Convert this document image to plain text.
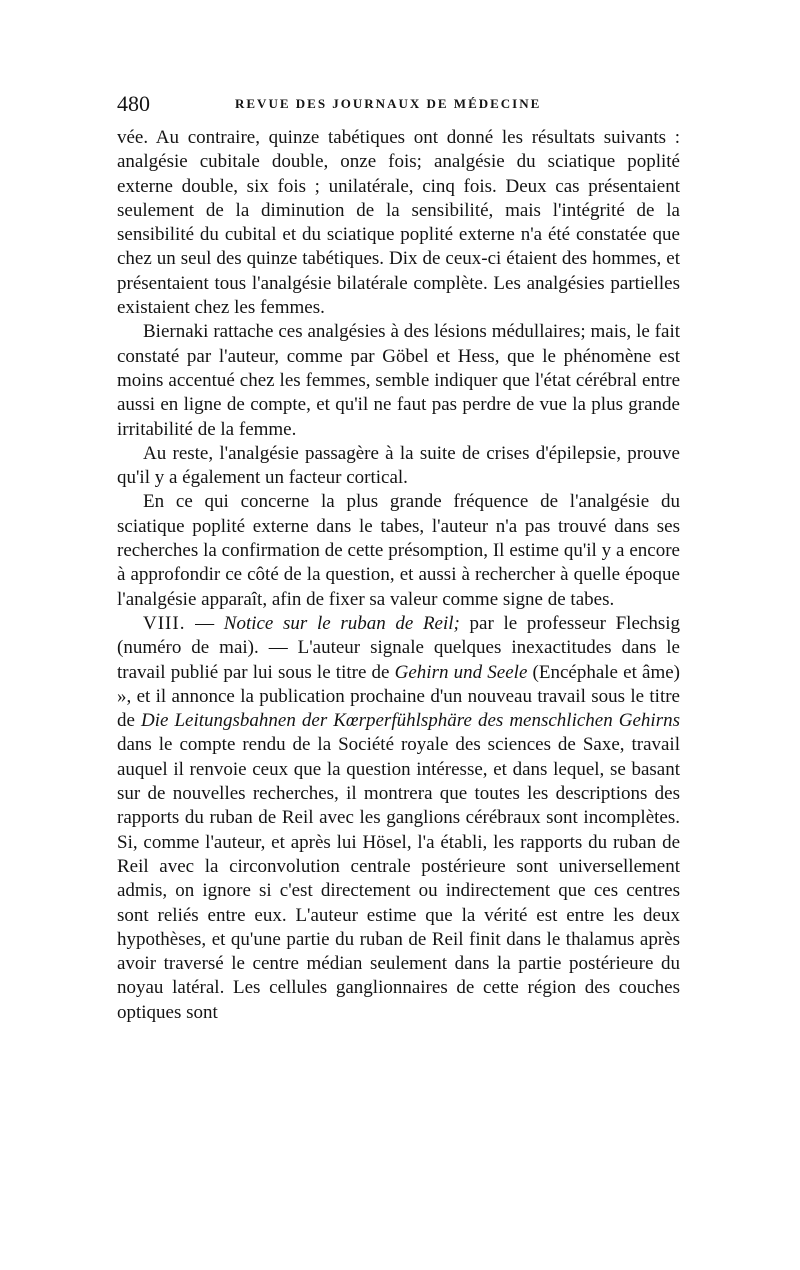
480	REVUE DES JOURNAUX DE MÉDECINE

vée. Au contraire, quinze tabétiques ont donné les résultats suivants : analgésie cubitale double, onze fois; analgésie du sciatique poplité externe double, six fois ; unilatérale, cinq fois. Deux cas présentaient seulement de la diminution de la sensibilité, mais l'intégrité de la sensibilité du cubital et du sciatique poplité externe n'a été constatée que chez un seul des quinze tabétiques. Dix de ceux-ci étaient des hommes, et présentaient tous l'analgésie bilatérale complète. Les analgésies partielles existaient chez les femmes.

Biernaki rattache ces analgésies à des lésions médullaires; mais, le fait constaté par l'auteur, comme par Göbel et Hess, que le phénomène est moins accentué chez les femmes, semble indiquer que l'état cérébral entre aussi en ligne de compte, et qu'il ne faut pas perdre de vue la plus grande irritabilité de la femme.

Au reste, l'analgésie passagère à la suite de crises d'épilepsie, prouve qu'il y a également un facteur cortical.

En ce qui concerne la plus grande fréquence de l'analgésie du sciatique poplité externe dans le tabes, l'auteur n'a pas trouvé dans ses recherches la confirmation de cette présomption, Il estime qu'il y a encore à approfondir ce côté de la question, et aussi à rechercher à quelle époque l'analgésie apparaît, afin de fixer sa valeur comme signe de tabes.

VIII. — Notice sur le ruban de Reil; par le professeur Flechsig (numéro de mai). — L'auteur signale quelques inexactitudes dans le travail publié par lui sous le titre de Gehirn und Seele (Encéphale et âme) », et il annonce la publication prochaine d'un nouveau travail sous le titre de Die Leitungsbahnen der Kœrperfühlsphäre des menschlichen Gehirns dans le compte rendu de la Société royale des sciences de Saxe, travail auquel il renvoie ceux que la question intéresse, et dans lequel, se basant sur de nouvelles recherches, il montrera que toutes les descriptions des rapports du ruban de Reil avec les ganglions cérébraux sont incomplètes. Si, comme l'auteur, et après lui Hösel, l'a établi, les rapports du ruban de Reil avec la circonvolution centrale postérieure sont universellement admis, on ignore si c'est directement ou indirectement que ces centres sont reliés entre eux. L'auteur estime que la vérité est entre les deux hypothèses, et qu'une partie du ruban de Reil finit dans le thalamus après avoir traversé le centre médian seulement dans la partie postérieure du noyau latéral. Les cellules ganglionnaires de cette région des couches optiques sont
